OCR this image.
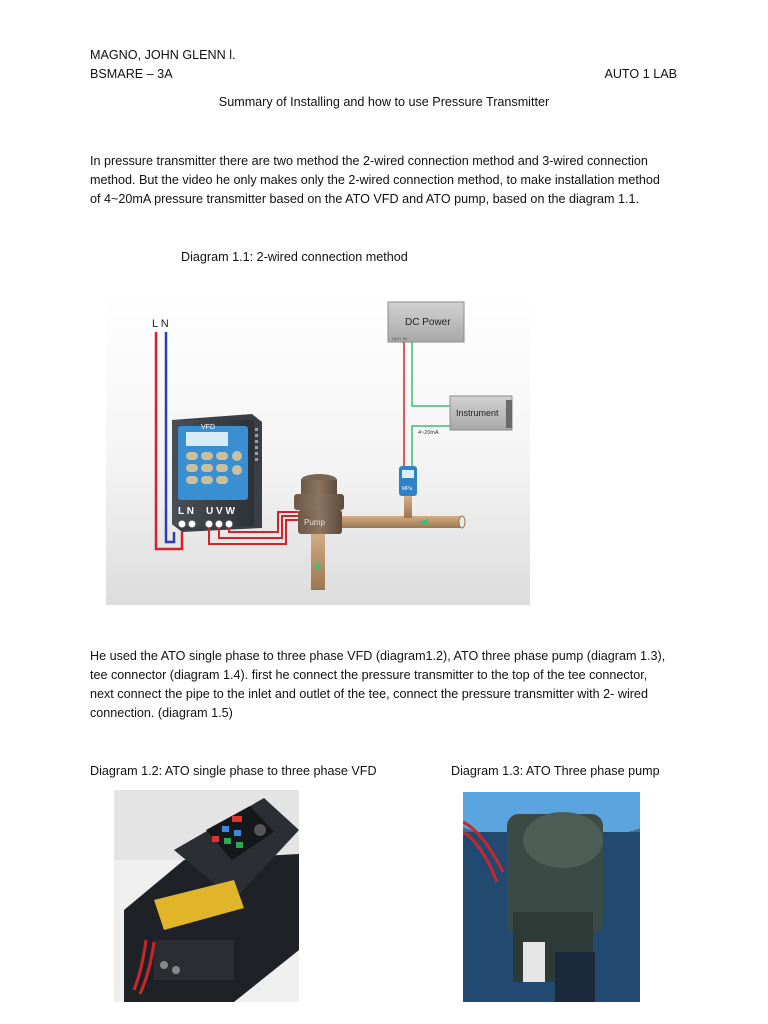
MAGNO, JOHN GLENN l.
BSMARE – 3A	AUTO 1 LAB
Summary of Installing and how to use Pressure Transmitter
In pressure transmitter there are two method the 2-wired connection method and 3-wired connection
method. But the video he only makes only the 2-wired connection method, to make installation method
of 4~20mA pressure transmitter based on the ATO VFD and ATO pump, based on the diagram 1.1.
Diagram 1.1: 2-wired connection method
L N
VFD
L N U V W
Pump
MPa
DC Power
24V+ 0V
Instrument
4~20mA
He used the ATO single phase to three phase VFD (diagram1.2), ATO three phase pump (diagram 1.3),
tee connector (diagram 1.4). first he connect the pressure transmitter to the top of the tee connector,
next connect the pipe to the inlet and outlet of the tee, connect the pressure transmitter with 2- wired
connection. (diagram 1.5)
Diagram 1.2: ATO single phase to three phase VFD	Diagram 1.3: ATO Three phase pump
